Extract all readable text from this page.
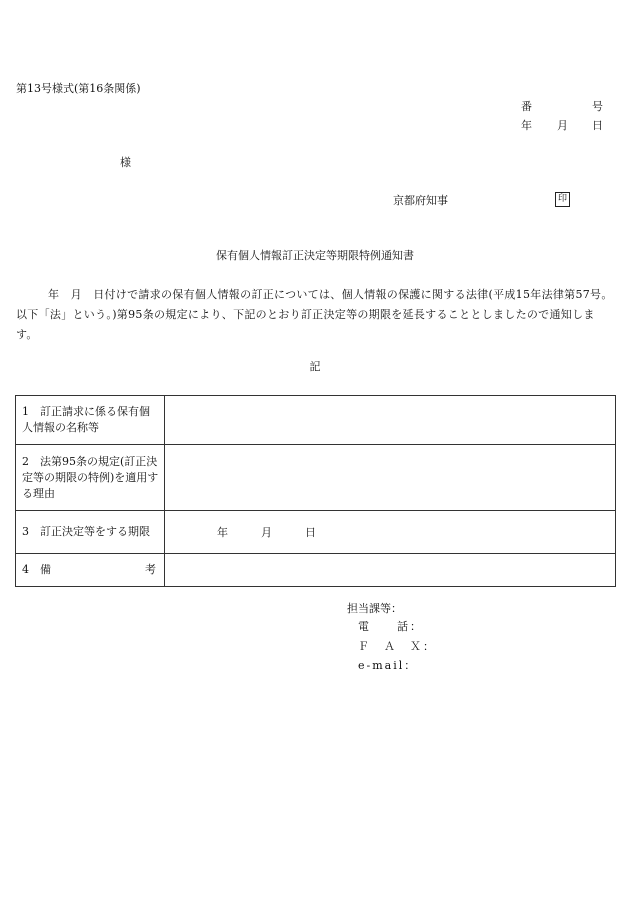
第13号様式(第16条関係)
番	号
年 月 日
様
京都府知事	印
保有個人情報訂正決定等期限特例通知書
年　月　日付けで請求の保有個人情報の訂正については、個人情報の保護に関する法律(平成15年法律第57号。以下「法」という。)第95条の規定により、下記のとおり訂正決定等の期限を延長することとしましたので通知します。
記
1　訂正請求に係る保有個人情報の名称等	
2　法第95条の規定(訂正決定等の期限の特例)を適用する理由	
3　訂正決定等をする期限	年 月 日

4　備 考	

担当課等：
電　　話：
Ｆ　Ａ　Ｘ：
e-mail：
